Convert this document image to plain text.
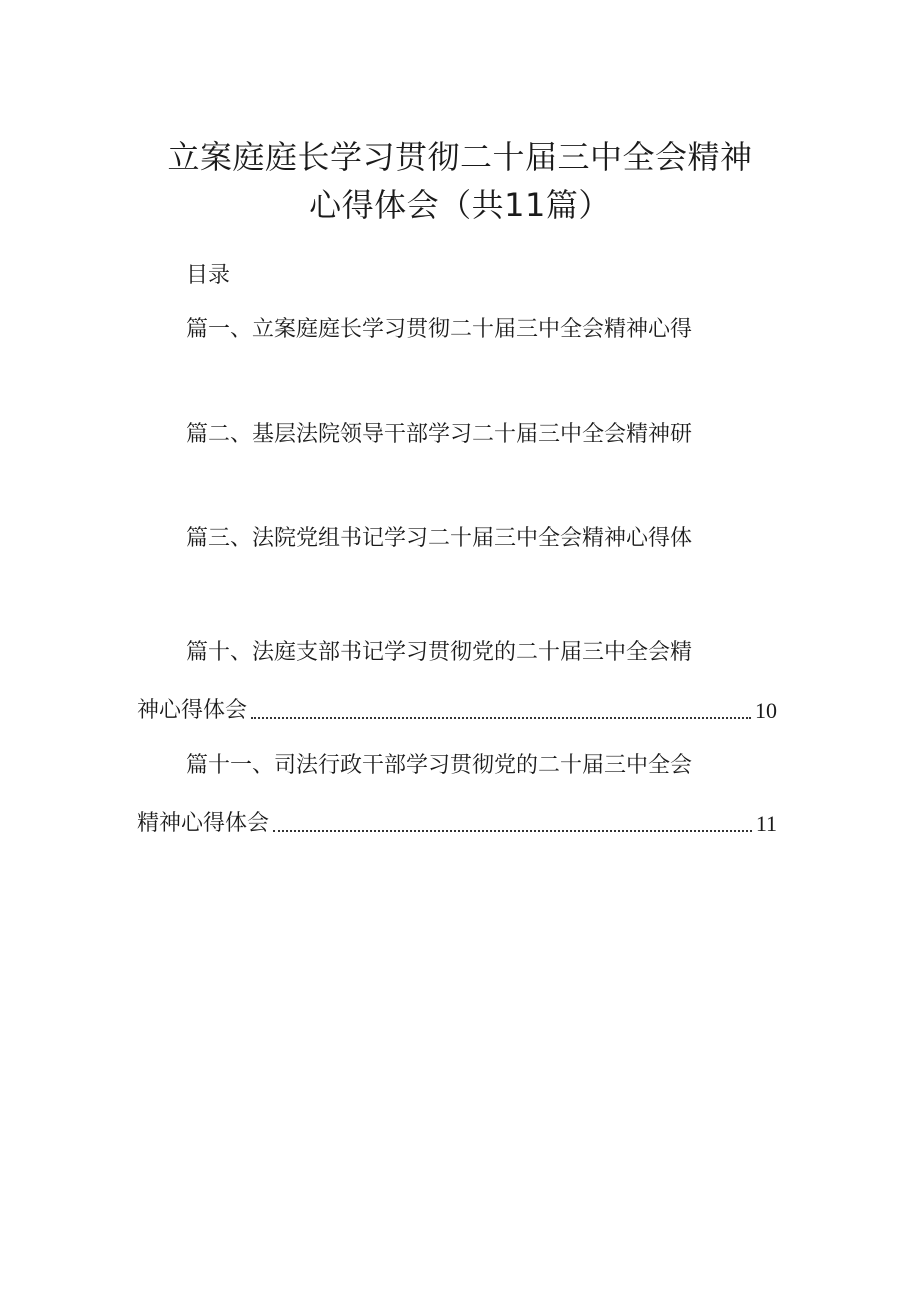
立案庭庭长学习贯彻二十届三中全会精神
心得体会（共11篇）
目录
篇一、立案庭庭长学习贯彻二十届三中全会精神心得
篇二、基层法院领导干部学习二十届三中全会精神研
篇三、法院党组书记学习二十届三中全会精神心得体
篇十、法庭支部书记学习贯彻党的二十届三中全会精
神心得体会	10
篇十一、司法行政干部学习贯彻党的二十届三中全会
精神心得体会	11
